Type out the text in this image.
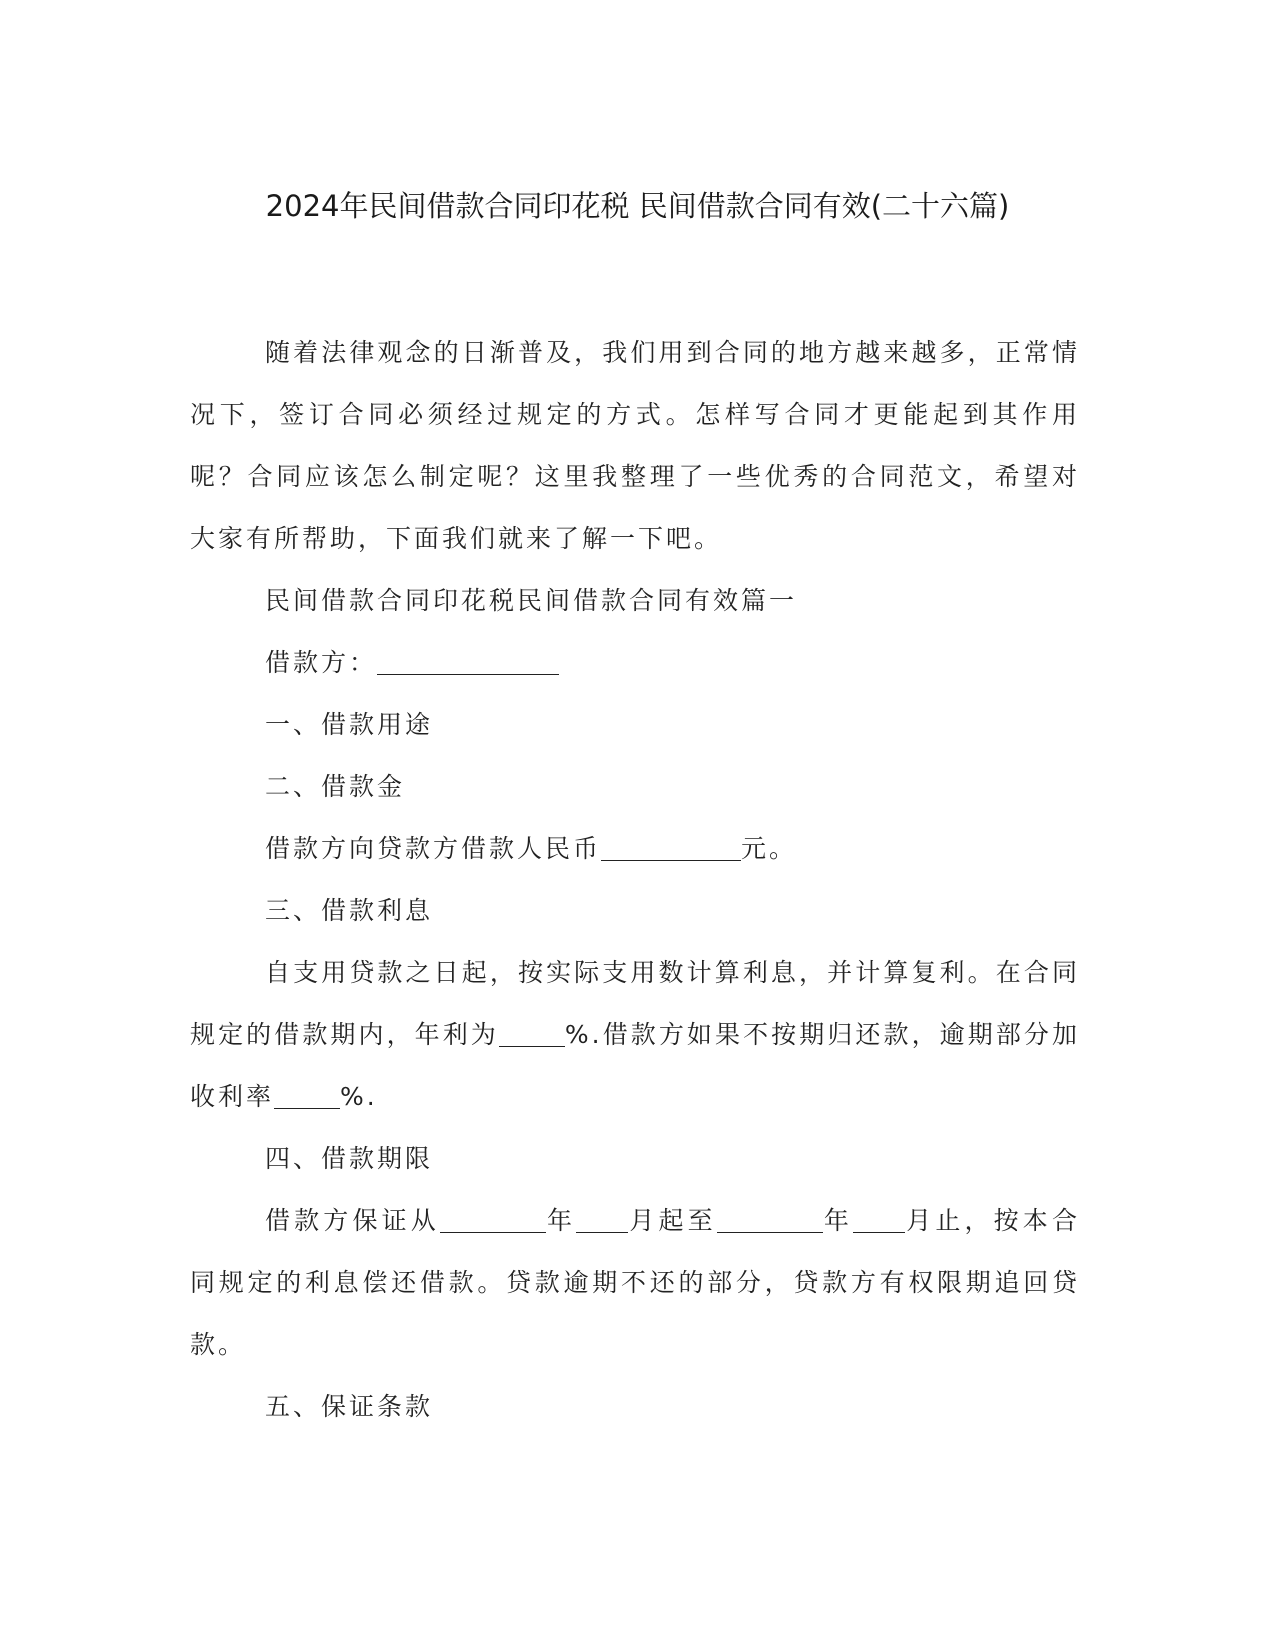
2024年民间借款合同印花税 民间借款合同有效(二十六篇)

随着法律观念的日渐普及，我们用到合同的地方越来越多，正常情况下，签订合同必须经过规定的方式。怎样写合同才更能起到其作用呢？合同应该怎么制定呢？这里我整理了一些优秀的合同范文，希望对大家有所帮助，下面我们就来了解一下吧。

民间借款合同印花税民间借款合同有效篇一

借款方：

一、借款用途

二、借款金

借款方向贷款方借款人民币	元。

三、借款利息

自支用贷款之日起，按实际支用数计算利息，并计算复利。在合同规定的借款期内，年利为	%.借款方如果不按期归还款，逾期部分加收利率	%.

四、借款期限

借款方保证从	年 月起至	年 月止，按本合同规定的利息偿还借款。贷款逾期不还的部分，贷款方有权限期追回贷款。

五、保证条款
